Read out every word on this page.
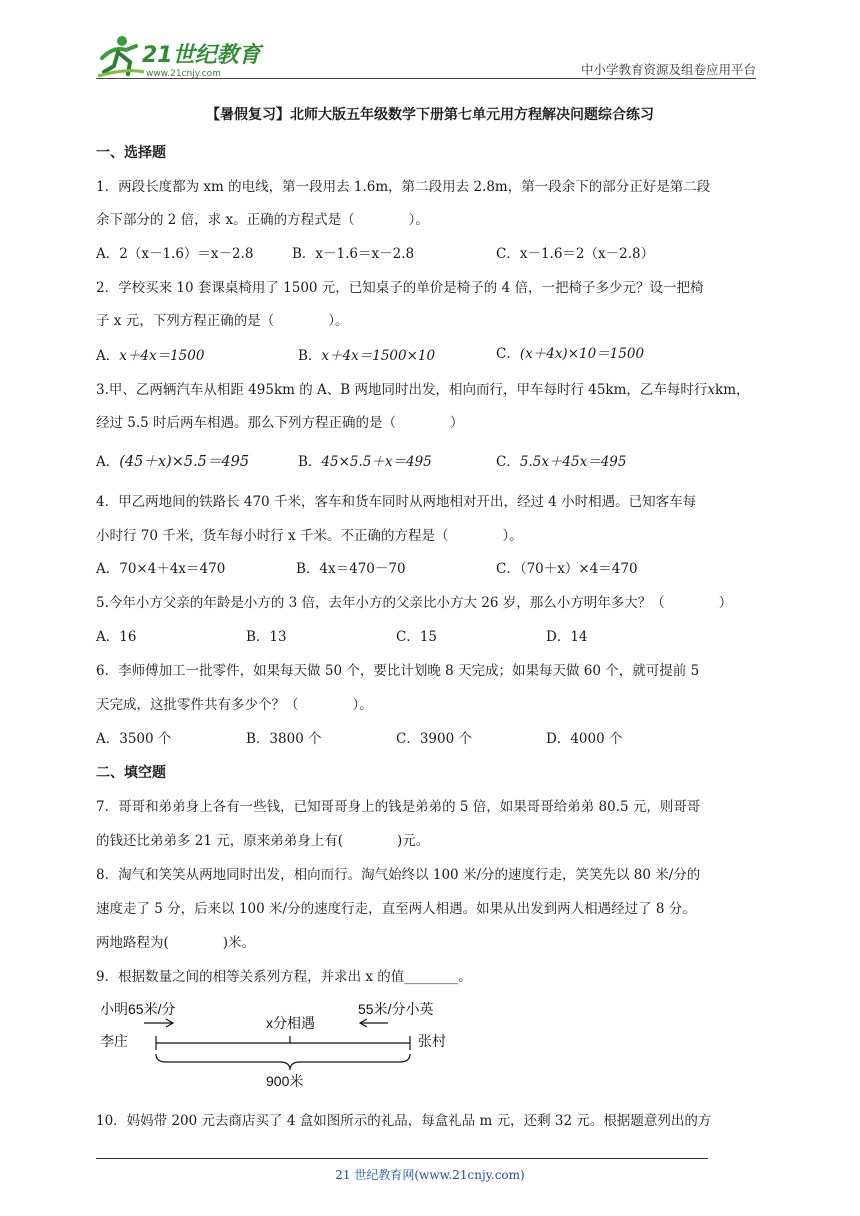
21世纪教育
www.21cnjy.com	中小学教育资源及组卷应用平台
【暑假复习】北师大版五年级数学下册第七单元用方程解决问题综合练习
一、选择题
1．两段长度都为 xm 的电线，第一段用去 1.6m，第二段用去 2.8m，第一段余下的部分正好是第二段
余下部分的 2 倍，求 x。正确的方程式是（　　　　）。
A．2（x－1.6）＝x－2.8	B．x－1.6＝x－2.8	C．x－1.6＝2（x－2.8）
2．学校买来 10 套课桌椅用了 1500 元，已知桌子的单价是椅子的 4 倍，一把椅子多少元？设一把椅
子 x 元，下列方程正确的是（　　　　）。
A．x＋4x＝1500	B．x＋4x＝1500×10	C．(x＋4x)×10＝1500
3.甲、乙两辆汽车从相距 495km 的 A、B 两地同时出发，相向而行，甲车每时行 45km，乙车每时行xkm，
经过 5.5 时后两车相遇。那么下列方程正确的是（　　　　）
A．(45＋x)×5.5＝495	B．45×5.5＋x＝495	C．5.5x＋45x＝495
4．甲乙两地间的铁路长 470 千米，客车和货车同时从两地相对开出，经过 4 小时相遇。已知客车每
小时行 70 千米，货车每小时行 x 千米。不正确的方程是（　　　　）。
A．70×4＋4x＝470	B．4x＝470－70	C．（70＋x）×4＝470
5.今年小方父亲的年龄是小方的 3 倍，去年小方的父亲比小方大 26 岁，那么小方明年多大？（　　　　）
A．16	B．13	C．15	D．14
6．李师傅加工一批零件，如果每天做 50 个，要比计划晚 8 天完成；如果每天做 60 个，就可提前 5
天完成，这批零件共有多少个？（　　　　）。
A．3500 个	B．3800 个	C．3900 个	D．4000 个
二、填空题
7．哥哥和弟弟身上各有一些钱，已知哥哥身上的钱是弟弟的 5 倍，如果哥哥给弟弟 80.5 元，则哥哥
的钱还比弟弟多 21 元，原来弟弟身上有(　　　　)元。
8．淘气和笑笑从两地同时出发，相向而行。淘气始终以 100 米/分的速度行走，笑笑先以 80 米/分的
速度走了 5 分，后来以 100 米/分的速度行走，直至两人相遇。如果从出发到两人相遇经过了 8 分。
两地路程为(　　　　)米。
9．根据数量之间的相等关系列方程，并求出 x 的值________。
小明65米/分
x分相遇
55米/分小英
李庄	张村
900米
10．妈妈带 200 元去商店买了 4 盒如图所示的礼品，每盒礼品 m 元，还剩 32 元。根据题意列出的方
21 世纪教育网(www.21cnjy.com)
